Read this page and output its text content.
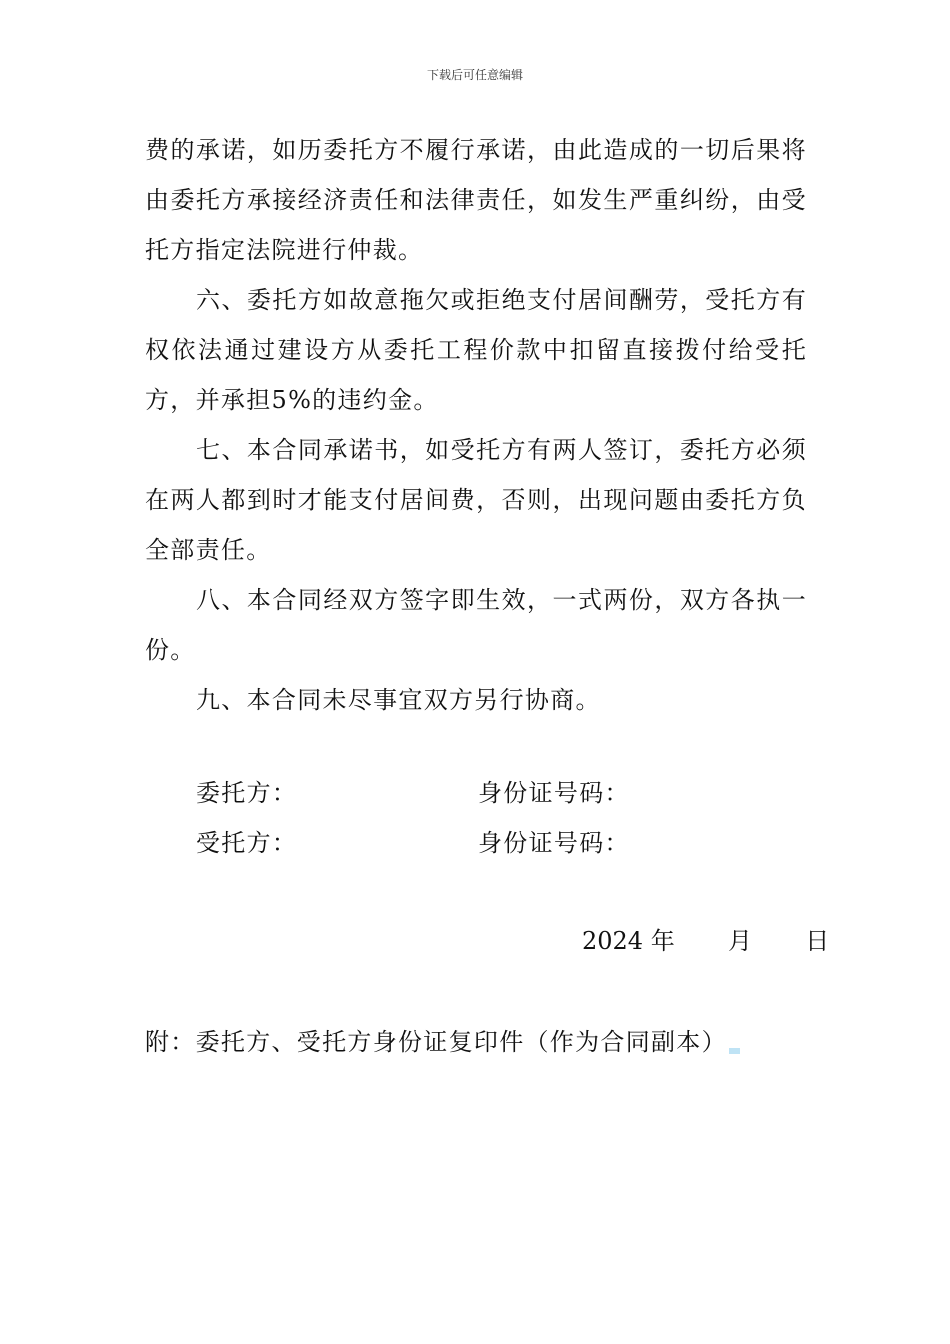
下载后可任意编辑

费的承诺，如历委托方不履行承诺，由此造成的一切后果将由委托方承接经济责任和法律责任，如发生严重纠纷，由受托方指定法院进行仲裁。

六、委托方如故意拖欠或拒绝支付居间酬劳，受托方有权依法通过建设方从委托工程价款中扣留直接拨付给受托方，并承担5%的违约金。

七、本合同承诺书，如受托方有两人签订，委托方必须在两人都到时才能支付居间费，否则，出现问题由委托方负全部责任。

八、本合同经双方签字即生效，一式两份，双方各执一份。

九、本合同未尽事宜双方另行协商。

委托方：	身份证号码：
受托方：	身份证号码：
2024 年 月 日
附：委托方、受托方身份证复印件（作为合同副本）
